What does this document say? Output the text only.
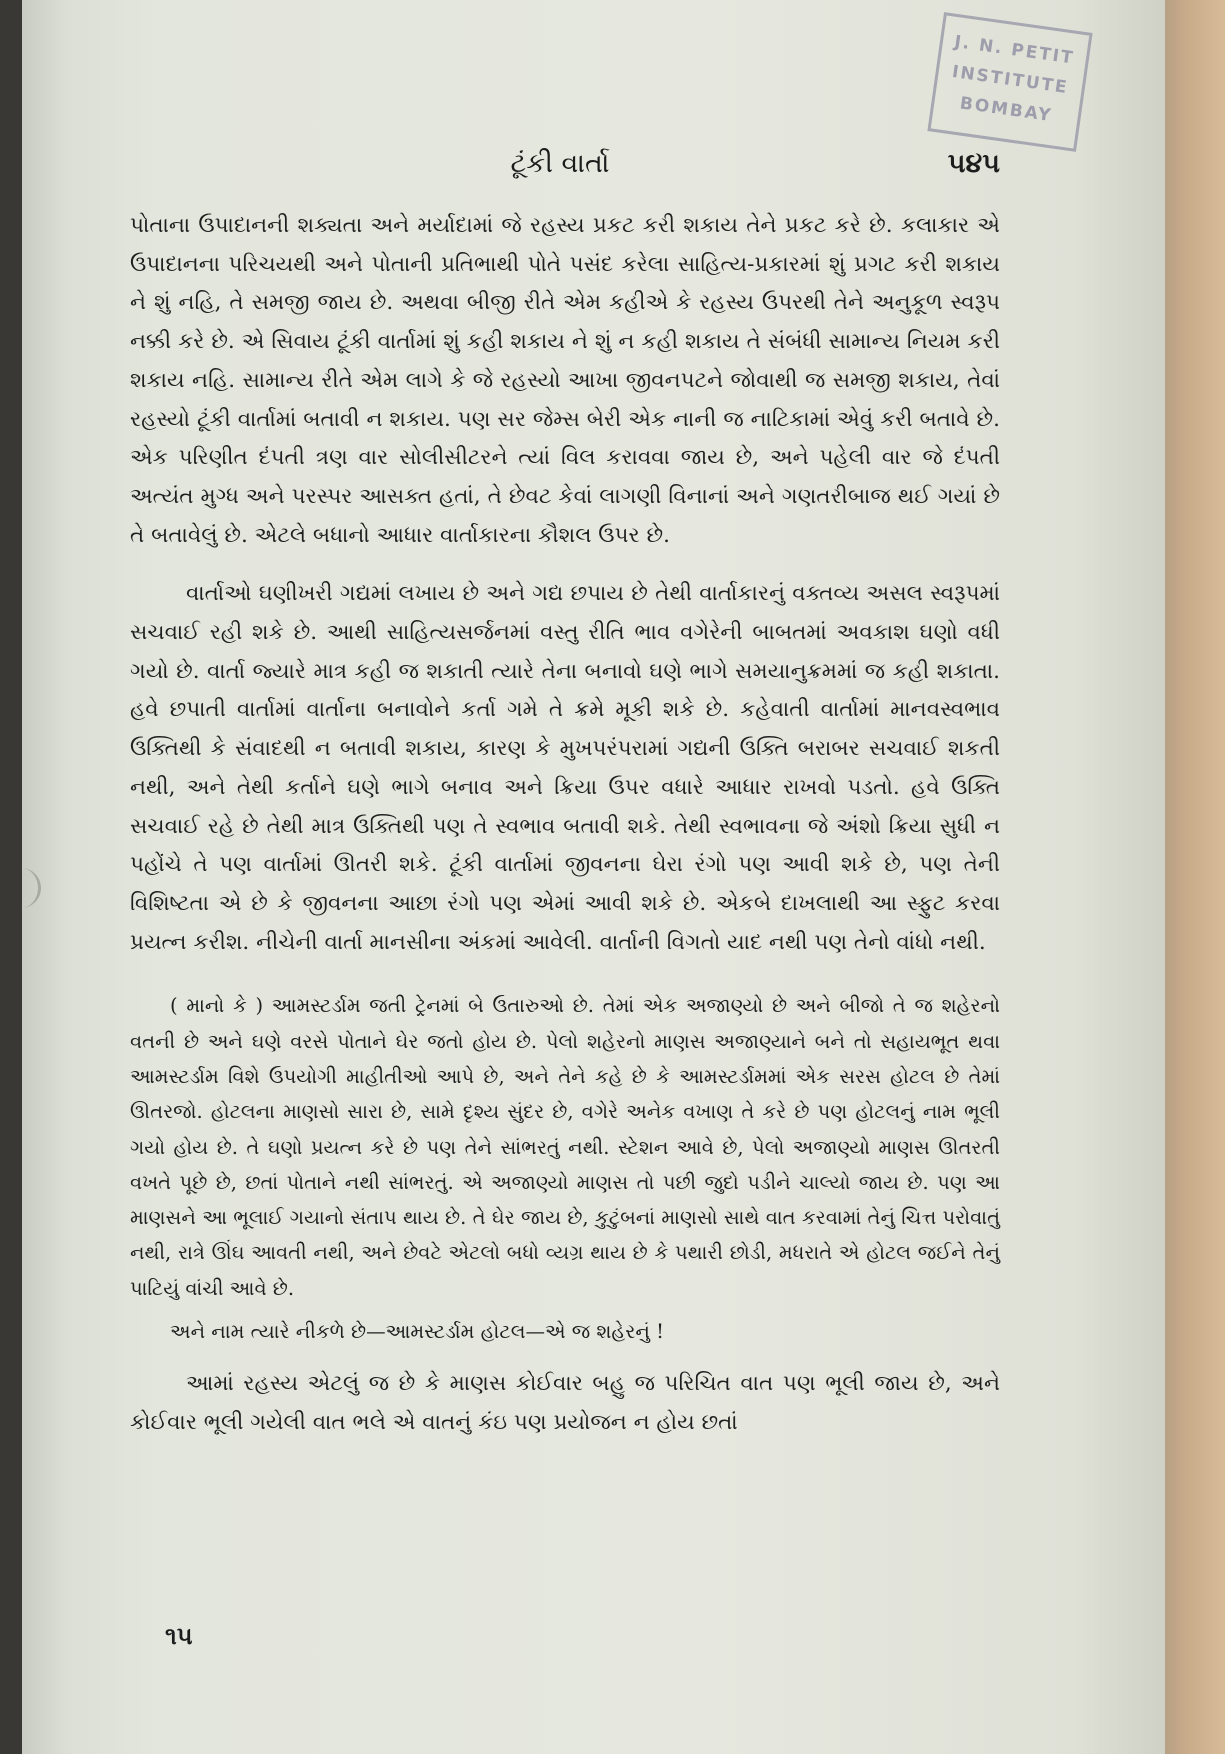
J. N. PETIT
INSTITUTE
BOMBAY
ટૂંકી વાર્તા	૫૪૫

પોતાના ઉપાદાનની શક્યતા અને મર્યાદામાં જે રહસ્ય પ્રકટ કરી શકાય તેને પ્રકટ કરે છે. કલાકાર એ ઉપાદાનના પરિચયથી અને પોતાની પ્રતિભાથી પોતે પસંદ કરેલા સાહિત્ય-પ્રકારમાં શું પ્રગટ કરી શકાય ને શું નહિ, તે સમજી જાય છે. અથવા બીજી રીતે એમ કહીએ કે રહસ્ય ઉપરથી તેને અનુકૂળ સ્વરૂપ નક્કી કરે છે. એ સિવાય ટૂંકી વાર્તામાં શું કહી શકાય ને શું ન કહી શકાય તે સંબંધી સામાન્ય નિયમ કરી શકાય નહિ. સામાન્ય રીતે એમ લાગે કે જે રહસ્યો આખા જીવનપટને જોવાથી જ સમજી શકાય, તેવાં રહસ્યો ટૂંકી વાર્તામાં બતાવી ન શકાય. પણ સર જેમ્સ બેરી એક નાની જ નાટિકામાં એવું કરી બતાવે છે. એક પરિણીત દંપતી ત્રણ વાર સોલીસીટરને ત્યાં વિલ કરાવવા જાય છે, અને પહેલી વાર જે દંપતી અત્યંત મુગ્ધ અને પરસ્પર આસક્ત હતાં, તે છેવટ કેવાં લાગણી વિનાનાં અને ગણતરીબાજ થઈ ગયાં છે તે બતાવેલું છે. એટલે બધાનો આધાર વાર્તાકારના કૌશલ ઉપર છે.

વાર્તાઓ ઘણીખરી ગદ્યમાં લખાય છે અને ગદ્ય છપાય છે તેથી વાર્તાકારનું વક્તવ્ય અસલ સ્વરૂપમાં સચવાઈ રહી શકે છે. આથી સાહિત્યસર્જનમાં વસ્તુ રીતિ ભાવ વગેરેની બાબતમાં અવકાશ ઘણો વધી ગયો છે. વાર્તા જ્યારે માત્ર કહી જ શકાતી ત્યારે તેના બનાવો ઘણે ભાગે સમયાનુક્રમમાં જ કહી શકાતા. હવે છપાતી વાર્તામાં વાર્તાના બનાવોને કર્તા ગમે તે ક્રમે મૂકી શકે છે. કહેવાતી વાર્તામાં માનવસ્વભાવ ઉક્તિથી કે સંવાદથી ન બતાવી શકાય, કારણ કે મુખપરંપરામાં ગદ્યની ઉક્તિ બરાબર સચવાઈ શકતી નથી, અને તેથી કર્તાને ઘણે ભાગે બનાવ અને ક્રિયા ઉપર વધારે આધાર રાખવો પડતો. હવે ઉક્તિ સચવાઈ રહે છે તેથી માત્ર ઉક્તિથી પણ તે સ્વભાવ બતાવી શકે. તેથી સ્વભાવના જે અંશો ક્રિયા સુધી ન પહોંચે તે પણ વાર્તામાં ઊતરી શકે. ટૂંકી વાર્તામાં જીવનના ઘેરા રંગો પણ આવી શકે છે, પણ તેની વિશિષ્ટતા એ છે કે જીવનના આછા રંગો પણ એમાં આવી શકે છે. એકબે દાખલાથી આ સ્ફુટ કરવા પ્રયત્ન કરીશ. નીચેની વાર્તા માનસીના અંકમાં આવેલી. વાર્તાની વિગતો યાદ નથી પણ તેનો વાંધો નથી.

( માનો કે ) આમસ્ટર્ડામ જતી ટ્રેનમાં બે ઉતારુઓ છે. તેમાં એક અજાણ્યો છે અને બીજો તે જ શહેરનો વતની છે અને ઘણે વરસે પોતાને ઘેર જતો હોય છે. પેલો શહેરનો માણસ અજાણ્યાને બને તો સહાયભૂત થવા આમસ્ટર્ડામ વિશે ઉપયોગી માહીતીઓ આપે છે, અને તેને કહે છે કે આમસ્ટર્ડામમાં એક સરસ હોટલ છે તેમાં ઊતરજો. હોટલના માણસો સારા છે, સામે દૃશ્ય સુંદર છે, વગેરે અનેક વખાણ તે કરે છે પણ હોટલનું નામ ભૂલી ગયો હોય છે. તે ઘણો પ્રયત્ન કરે છે પણ તેને સાંભરતું નથી. સ્ટેશન આવે છે, પેલો અજાણ્યો માણસ ઊતરતી વખતે પૂછે છે, છતાં પોતાને નથી સાંભરતું. એ અજાણ્યો માણસ તો પછી જુદો પડીને ચાલ્યો જાય છે. પણ આ માણસને આ ભૂલાઈ ગયાનો સંતાપ થાય છે. તે ઘેર જાય છે, કુટુંબનાં માણસો સાથે વાત કરવામાં તેનું ચિત્ત પરોવાતું નથી, રાત્રે ઊંઘ આવતી નથી, અને છેવટે એટલો બધો વ્યગ્ર થાય છે કે પથારી છોડી, મધરાતે એ હોટલ જઈને તેનું પાટિયું વાંચી આવે છે.

અને નામ ત્યારે નીકળે છે—આમસ્ટર્ડામ હોટલ—એ જ શહેરનું !

આમાં રહસ્ય એટલું જ છે કે માણસ કોઈવાર બહુ જ પરિચિત વાત પણ ભૂલી જાય છે, અને કોઈવાર ભૂલી ગયેલી વાત ભલે એ વાતનું કંઇ પણ પ્રયોજન ન હોય છતાં

૧૫
